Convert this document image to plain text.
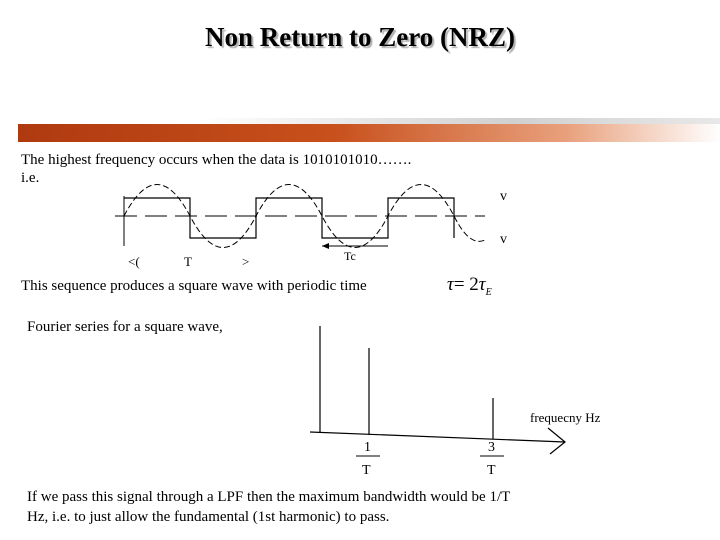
Non Return to Zero (NRZ)
The highest frequency occurs when the data is 1010101010…….
i.e.
v
v
<(	T	>	Tc
This sequence produces a square wave with periodic time	$\tau= 2\tau_E$
Fourier series for a square wave,
frequecny Hz
1
T
3
T
If we pass this signal through a LPF then the maximum bandwidth would be 1/T
Hz, i.e. to just allow the fundamental (1st harmonic) to pass.
